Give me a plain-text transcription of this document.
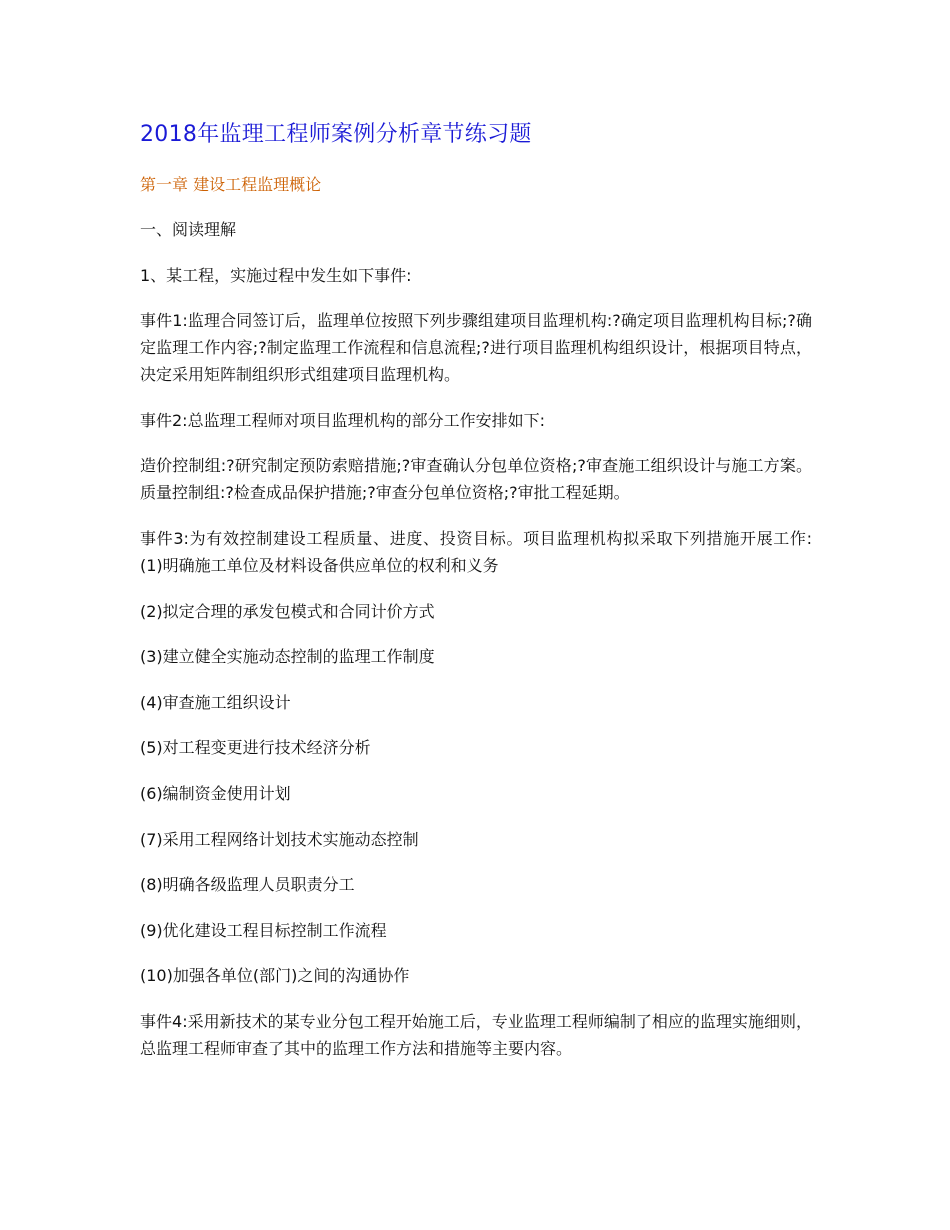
2018年监理工程师案例分析章节练习题
第一章 建设工程监理概论

一、阅读理解

1、某工程，实施过程中发生如下事件:

事件1:监理合同签订后，监理单位按照下列步骤组建项目监理机构:?确定项目监理机构目标;?确定监理工作内容;?制定监理工作流程和信息流程;?进行项目监理机构组织设计，根据项目特点，决定采用矩阵制组织形式组建项目监理机构。

事件2:总监理工程师对项目监理机构的部分工作安排如下:

造价控制组:?研究制定预防索赔措施;?审查确认分包单位资格;?审查施工组织设计与施工方案。 质量控制组:?检查成品保护措施;?审查分包单位资格;?审批工程延期。

事件3:为有效控制建设工程质量、进度、投资目标。项目监理机构拟采取下列措施开展工作: (1)明确施工单位及材料设备供应单位的权利和义务

(2)拟定合理的承发包模式和合同计价方式

(3)建立健全实施动态控制的监理工作制度

(4)审查施工组织设计

(5)对工程变更进行技术经济分析

(6)编制资金使用计划

(7)采用工程网络计划技术实施动态控制

(8)明确各级监理人员职责分工

(9)优化建设工程目标控制工作流程

(10)加强各单位(部门)之间的沟通协作

事件4:采用新技术的某专业分包工程开始施工后，专业监理工程师编制了相应的监理实施细则，总监理工程师审查了其中的监理工作方法和措施等主要内容。
